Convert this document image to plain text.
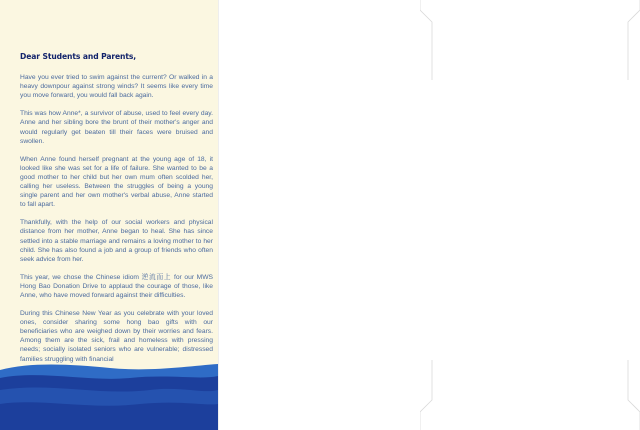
Dear Students and Parents,

Have you ever tried to swim against the current? Or walked in a heavy downpour against strong winds? It seems like every time you move forward, you would fall back again.

This was how Anne*, a survivor of abuse, used to feel every day. Anne and her sibling bore the brunt of their mother's anger and would regularly get beaten till their faces were bruised and swollen.

When Anne found herself pregnant at the young age of 18, it looked like she was set for a life of failure. She wanted to be a good mother to her child but her own mum often scolded her, calling her useless. Between the struggles of being a young single parent and her own mother's verbal abuse, Anne started to fall apart.

Thankfully, with the help of our social workers and physical distance from her mother, Anne began to heal. She has since settled into a stable marriage and remains a loving mother to her child. She has also found a job and a group of friends who often seek advice from her.

This year, we chose the Chinese idiom 逆流而上 for our MWS Hong Bao Donation Drive to applaud the courage of those, like Anne, who have moved forward against their difficulties.

During this Chinese New Year as you celebrate with your loved ones, consider sharing some hong bao gifts with our beneficiaries who are weighed down by their worries and fears. Among them are the sick, frail and homeless with pressing needs; socially isolated seniors who are vulnerable; distressed families struggling with financial
